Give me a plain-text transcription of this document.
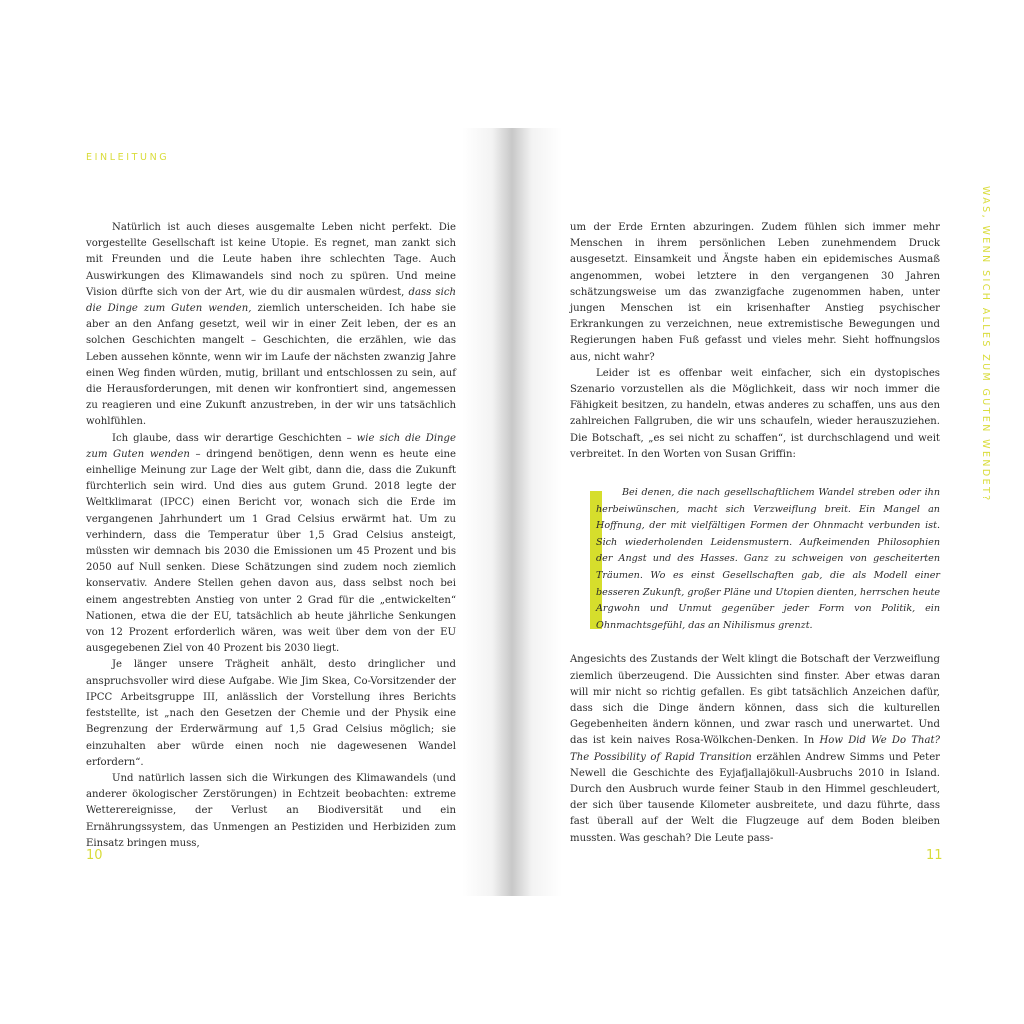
EINLEITUNG

Natürlich ist auch dieses ausgemalte Leben nicht perfekt. Die vorgestellte Gesellschaft ist keine Utopie. Es regnet, man zankt sich mit Freunden und die Leute haben ihre schlechten Tage. Auch Auswirkungen des Klimawandels sind noch zu spüren. Und meine Vision dürfte sich von der Art, wie du dir ausmalen würdest, dass sich die Dinge zum Guten wenden, ziemlich unterscheiden. Ich habe sie aber an den Anfang gesetzt, weil wir in einer Zeit leben, der es an solchen Geschichten mangelt – Geschichten, die erzählen, wie das Leben aussehen könnte, wenn wir im Laufe der nächsten zwanzig Jahre einen Weg finden würden, mutig, brillant und entschlossen zu sein, auf die Herausforderungen, mit denen wir konfrontiert sind, angemessen zu reagieren und eine Zukunft anzustreben, in der wir uns tatsächlich wohlfühlen.

Ich glaube, dass wir derartige Geschichten – wie sich die Dinge zum Guten wenden – dringend benötigen, denn wenn es heute eine einhellige Meinung zur Lage der Welt gibt, dann die, dass die Zukunft fürchterlich sein wird. Und dies aus gutem Grund. 2018 legte der Weltklimarat (IPCC) einen Bericht vor, wonach sich die Erde im vergangenen Jahrhundert um 1 Grad Celsius erwärmt hat. Um zu verhindern, dass die Temperatur über 1,5 Grad Celsius ansteigt, müssten wir demnach bis 2030 die Emissionen um 45 Prozent und bis 2050 auf Null senken. Diese Schätzungen sind zudem noch ziemlich konservativ. Andere Stellen gehen davon aus, dass selbst noch bei einem angestrebten Anstieg von unter 2 Grad für die „entwickelten“ Nationen, etwa die der EU, tatsächlich ab heute jährliche Senkungen von 12 Prozent erforderlich wären, was weit über dem von der EU ausgegebenen Ziel von 40 Prozent bis 2030 liegt.

Je länger unsere Trägheit anhält, desto dringlicher und anspruchsvoller wird diese Aufgabe. Wie Jim Skea, Co-Vorsitzender der IPCC Arbeitsgruppe III, anlässlich der Vorstellung ihres Berichts feststellte, ist „nach den Gesetzen der Chemie und der Physik eine Begrenzung der Erderwärmung auf 1,5 Grad Celsius möglich; sie einzuhalten aber würde einen noch nie dagewesenen Wandel erfordern“.

Und natürlich lassen sich die Wirkungen des Klimawandels (und anderer ökologischer Zerstörungen) in Echtzeit beobachten: extreme Wetterereignisse, der Verlust an Biodiversität und ein Ernährungssystem, das Unmengen an Pestiziden und Herbiziden zum Einsatz bringen muss,

10
WAS, WENN SICH ALLES ZUM GUTEN WENDET?

um der Erde Ernten abzuringen. Zudem fühlen sich immer mehr Menschen in ihrem persönlichen Leben zunehmendem Druck ausgesetzt. Einsamkeit und Ängste haben ein epidemisches Ausmaß angenommen, wobei letztere in den vergangenen 30 Jahren schätzungsweise um das zwanzigfache zugenommen haben, unter jungen Menschen ist ein krisenhafter Anstieg psychischer Erkrankungen zu verzeichnen, neue extremistische Bewegungen und Regierungen haben Fuß gefasst und vieles mehr. Sieht hoffnungslos aus, nicht wahr?

Leider ist es offenbar weit einfacher, sich ein dystopisches Szenario vorzustellen als die Möglichkeit, dass wir noch immer die Fähigkeit besitzen, zu handeln, etwas anderes zu schaffen, uns aus den zahlreichen Fallgruben, die wir uns schaufeln, wieder herauszuziehen. Die Botschaft, „es sei nicht zu schaffen“, ist durchschlagend und weit verbreitet. In den Worten von Susan Griffin:

Bei denen, die nach gesellschaftlichem Wandel streben oder ihn herbeiwünschen, macht sich Verzweiflung breit. Ein Mangel an Hoffnung, der mit vielfältigen Formen der Ohnmacht verbunden ist. Sich wiederholenden Leidensmustern. Aufkeimenden Philosophien der Angst und des Hasses. Ganz zu schweigen von gescheiterten Träumen. Wo es einst Gesellschaften gab, die als Modell einer besseren Zukunft, großer Pläne und Utopien dienten, herrschen heute Argwohn und Unmut gegenüber jeder Form von Politik, ein Ohnmachtsgefühl, das an Nihilismus grenzt.

Angesichts des Zustands der Welt klingt die Botschaft der Verzweiflung ziemlich überzeugend. Die Aussichten sind finster. Aber etwas daran will mir nicht so richtig gefallen. Es gibt tatsächlich Anzeichen dafür, dass sich die Dinge ändern können, dass sich die kulturellen Gegebenheiten ändern können, und zwar rasch und unerwartet. Und das ist kein naives Rosa-Wölkchen-Denken. In How Did We Do That? The Possibility of Rapid Transition erzählen Andrew Simms und Peter Newell die Geschichte des Eyjafjallajökull-Ausbruchs 2010 in Island. Durch den Ausbruch wurde feiner Staub in den Himmel geschleudert, der sich über tausende Kilometer ausbreitete, und dazu führte, dass fast überall auf der Welt die Flugzeuge auf dem Boden bleiben mussten. Was geschah? Die Leute pass-

11
